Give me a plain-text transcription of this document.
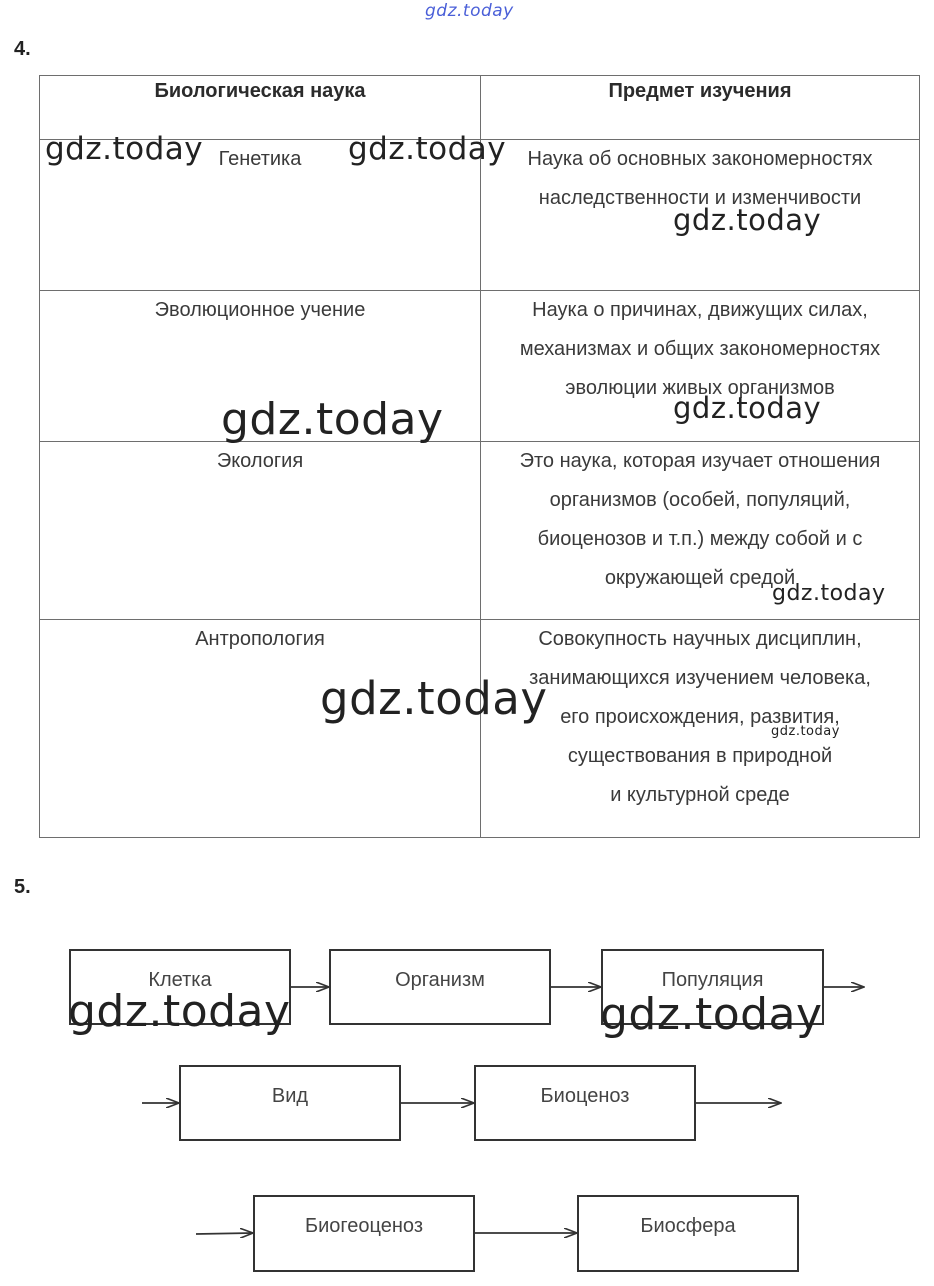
gdz.today
4.
Биологическая наука	Предмет изучения
Генетика	Наука об основных закономерностях
наследственности и изменчивости

Эволюционное учение	Наука о причинах, движущих силах,
механизмах и общих закономерностях
эволюции живых организмов

Экология	Это наука, которая изучает отношения
организмов (особей, популяций,
биоценозов и т.п.) между собой и с
окружающей средой

Антропология	Совокупность научных дисциплин,
занимающихся изучением человека,
его происхождения, развития,
существования в природной
и культурной среде
gdz.today	gdz.today
gdz.today
gdz.today	gdz.today
gdz.today
gdz.today
gdz.today
5.
Клетка	Организм	Популяция
Вид	Биоценоз
Биогеоценоз	Биосфера
gdz.today	gdz.today
